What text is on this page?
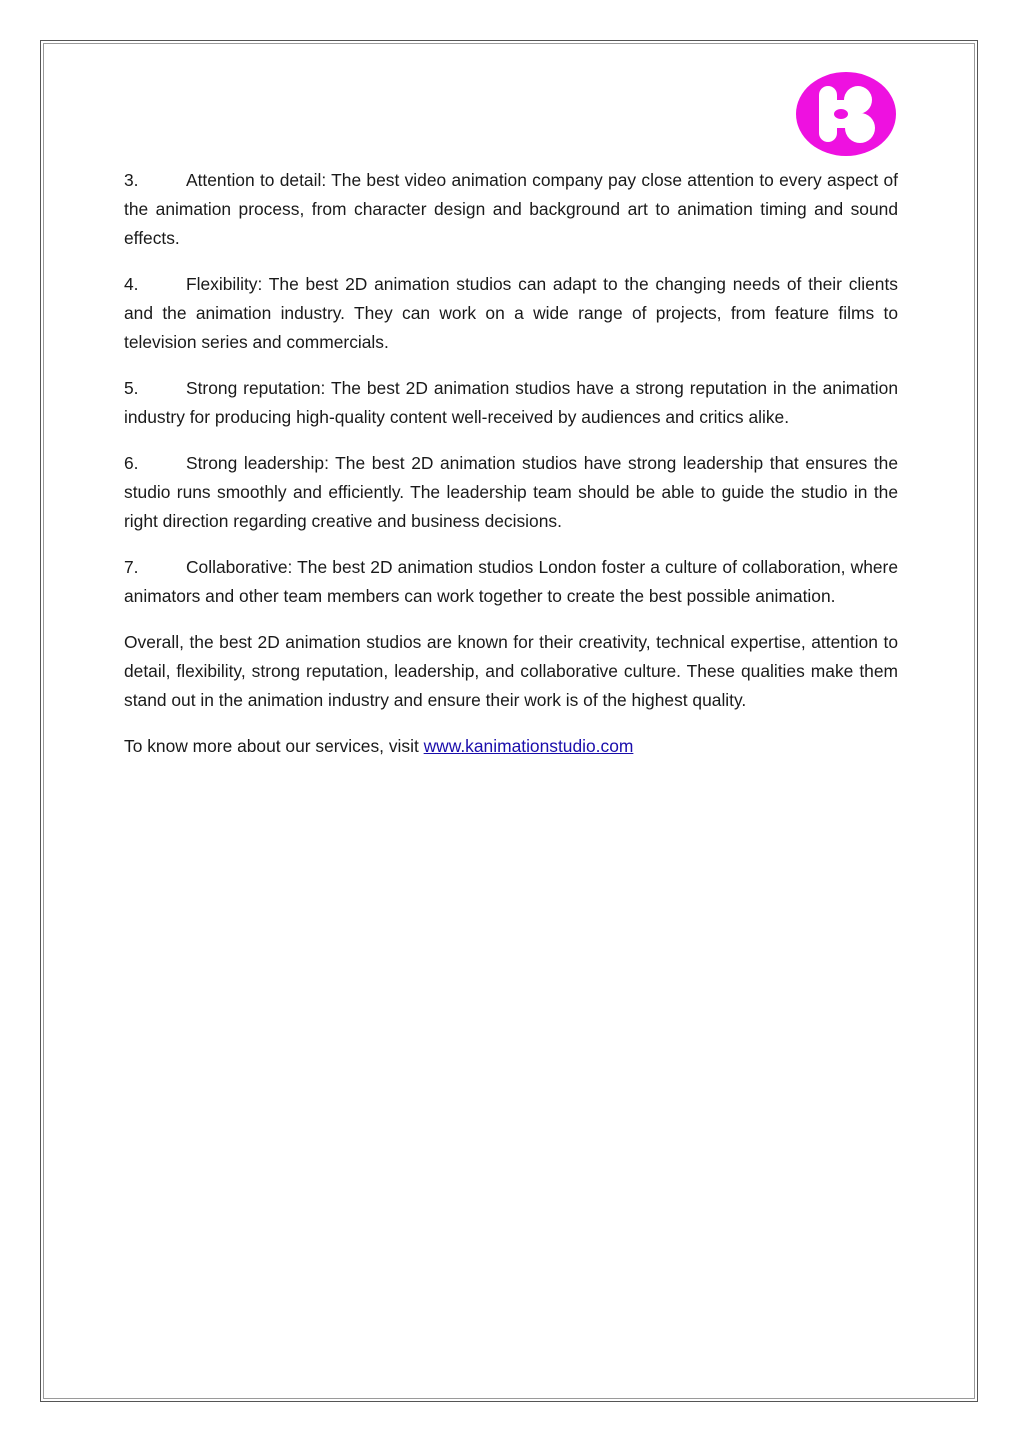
3.	Attention to detail: The best video animation company pay close attention to every aspect of the animation process, from character design and background art to animation timing and sound effects.

4.	Flexibility: The best 2D animation studios can adapt to the changing needs of their clients and the animation industry. They can work on a wide range of projects, from feature films to television series and commercials.

5.	Strong reputation: The best 2D animation studios have a strong reputation in the animation industry for producing high-quality content well-received by audiences and critics alike.

6.	Strong leadership: The best 2D animation studios have strong leadership that ensures the studio runs smoothly and efficiently. The leadership team should be able to guide the studio in the right direction regarding creative and business decisions.

7.	Collaborative: The best 2D animation studios London foster a culture of collaboration, where animators and other team members can work together to create the best possible animation.

Overall, the best 2D animation studios are known for their creativity, technical expertise, attention to detail, flexibility, strong reputation, leadership, and collaborative culture. These qualities make them stand out in the animation industry and ensure their work is of the highest quality.

To know more about our services, visit www.kanimationstudio.com
